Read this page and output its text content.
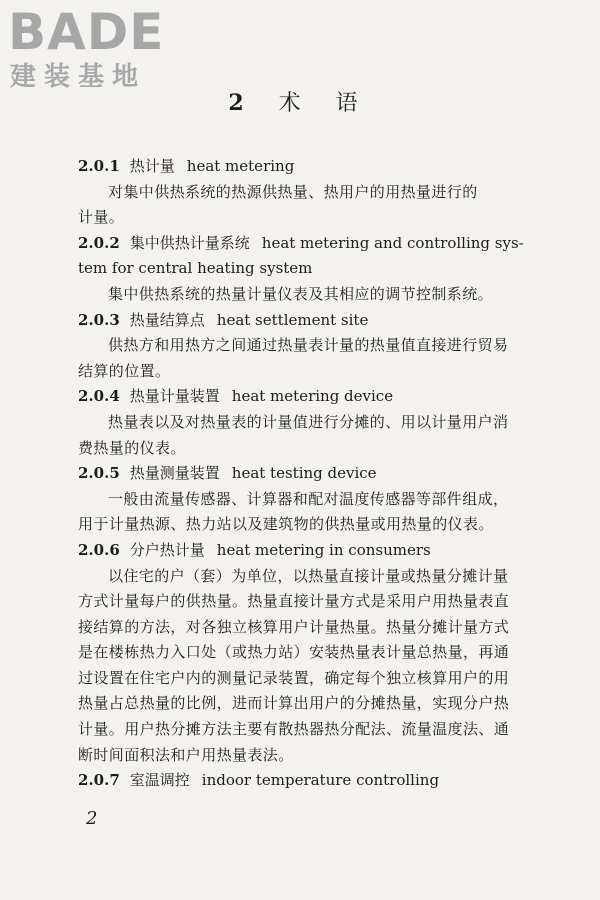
BADE
建装基地
2 术 语
2.0.1 热计量 heat metering
对集中供热系统的热源供热量、热用户的用热量进行的
计量。
2.0.2 集中供热计量系统 heat metering and controlling sys-
tem for central heating system
集中供热系统的热量计量仪表及其相应的调节控制系统。
2.0.3 热量结算点 heat settlement site
供热方和用热方之间通过热量表计量的热量值直接进行贸易
结算的位置。
2.0.4 热量计量装置 heat metering device
热量表以及对热量表的计量值进行分摊的、用以计量用户消
费热量的仪表。
2.0.5 热量测量装置 heat testing device
一般由流量传感器、计算器和配对温度传感器等部件组成，
用于计量热源、热力站以及建筑物的供热量或用热量的仪表。
2.0.6 分户热计量 heat metering in consumers
以住宅的户（套）为单位，以热量直接计量或热量分摊计量
方式计量每户的供热量。热量直接计量方式是采用户用热量表直
接结算的方法，对各独立核算用户计量热量。热量分摊计量方式
是在楼栋热力入口处（或热力站）安装热量表计量总热量，再通
过设置在住宅户内的测量记录装置，确定每个独立核算用户的用
热量占总热量的比例，进而计算出用户的分摊热量，实现分户热
计量。用户热分摊方法主要有散热器热分配法、流量温度法、通
断时间面积法和户用热量表法。
2.0.7 室温调控 indoor temperature controlling
2
